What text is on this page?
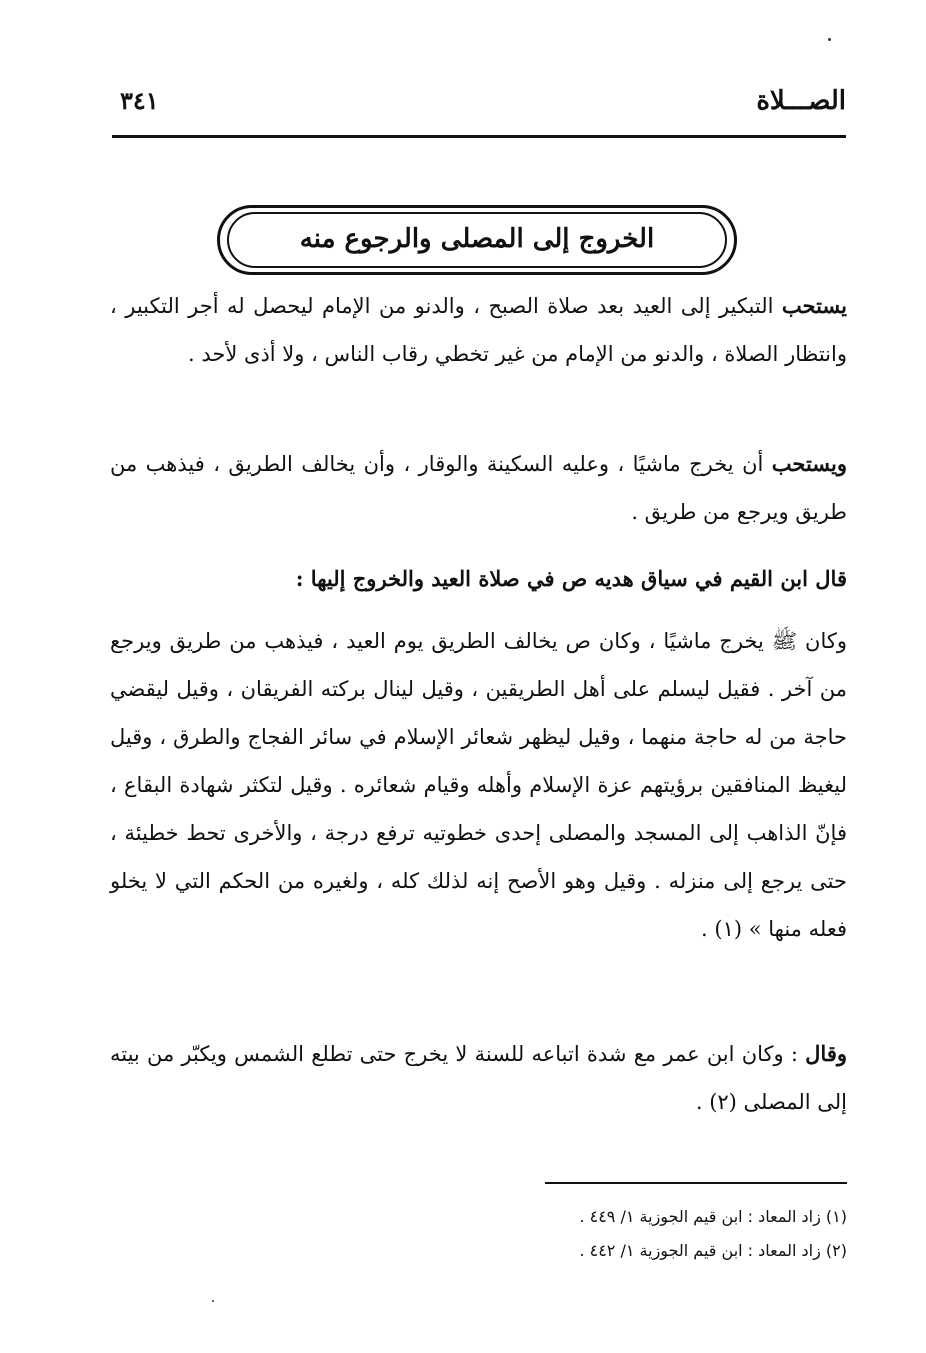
الصـــلاة
٣٤١
الخروج إلى المصلى والرجوع منه
يستحب التبكير إلى العيد بعد صلاة الصبح ، والدنو من الإمام ليحصل له أجر التكبير ، وانتظار الصلاة ، والدنو من الإمام من غير تخطي رقاب الناس ، ولا أذى لأحد .
ويستحب أن يخرج ماشيًا ، وعليه السكينة والوقار ، وأن يخالف الطريق ، فيذهب من طريق ويرجع من طريق .
قال ابن القيم في سياق هديه ص في صلاة العيد والخروج إليها :
وكان ﷺ يخرج ماشيًا ، وكان ص يخالف الطريق يوم العيد ، فيذهب من طريق ويرجع من آخر . فقيل ليسلم على أهل الطريقين ، وقيل لينال بركته الفريقان ، وقيل ليقضي حاجة من له حاجة منهما ، وقيل ليظهر شعائر الإسلام في سائر الفجاج والطرق ، وقيل ليغيظ المنافقين برؤيتهم عزة الإسلام وأهله وقيام شعائره . وقيل لتكثر شهادة البقاع ، فإنّ الذاهب إلى المسجد والمصلى إحدى خطوتيه ترفع درجة ، والأخرى تحط خطيئة ، حتى يرجع إلى منزله . وقيل وهو الأصح إنه لذلك كله ، ولغيره من الحكم التي لا يخلو فعله منها » (١) .
وقال : وكان ابن عمر مع شدة اتباعه للسنة لا يخرج حتى تطلع الشمس ويكبّر من بيته إلى المصلى (٢) .
(١) زاد المعاد : ابن قيم الجوزية ١/ ٤٤٩ .
(٢) زاد المعاد : ابن قيم الجوزية ١/ ٤٤٢ .
